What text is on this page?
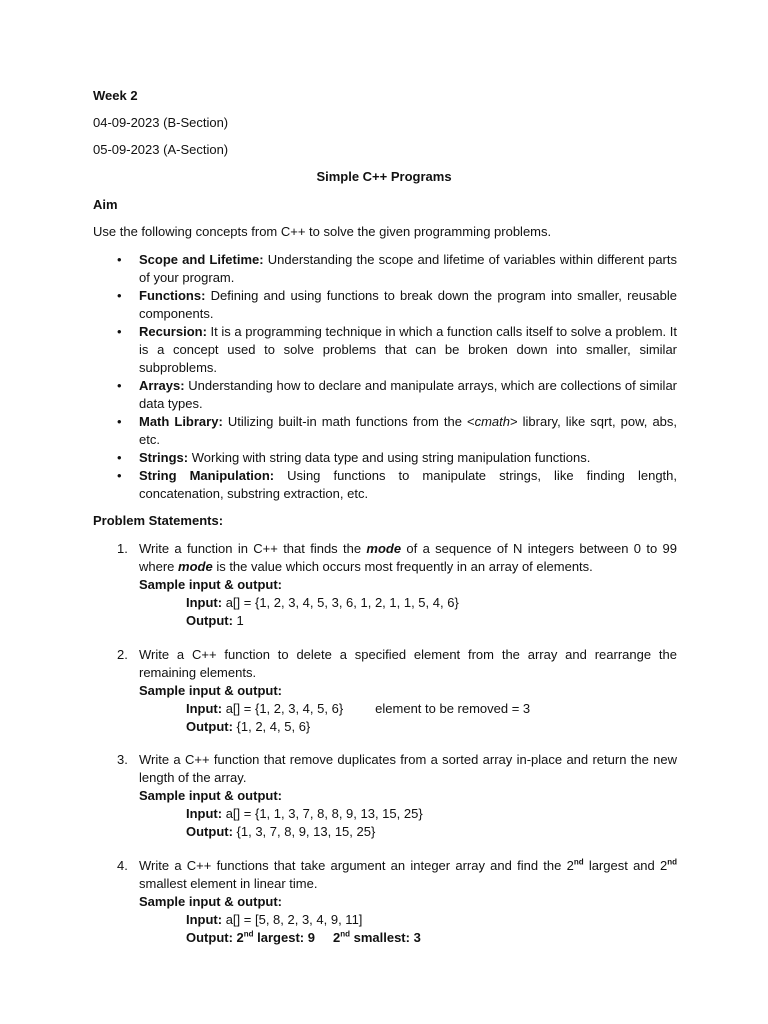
Week 2
04-09-2023 (B-Section)
05-09-2023 (A-Section)
Simple C++ Programs
Aim
Use the following concepts from C++ to solve the given programming problems.
• Scope and Lifetime: Understanding the scope and lifetime of variables within different parts of your program.
• Functions: Defining and using functions to break down the program into smaller, reusable components.
• Recursion: It is a programming technique in which a function calls itself to solve a problem. It is a concept used to solve problems that can be broken down into smaller, similar subproblems.
• Arrays: Understanding how to declare and manipulate arrays, which are collections of similar data types.
• Math Library: Utilizing built-in math functions from the <cmath> library, like sqrt, pow, abs, etc.
• Strings: Working with string data type and using string manipulation functions.
• String Manipulation: Using functions to manipulate strings, like finding length, concatenation, substring extraction, etc.
Problem Statements:
1. Write a function in C++ that finds the mode of a sequence of N integers between 0 to 99 where mode is the value which occurs most frequently in an array of elements.
Sample input & output:
Input: a[] = {1, 2, 3, 4, 5, 3, 6, 1, 2, 1, 1, 5, 4, 6}
Output: 1
2. Write a C++ function to delete a specified element from the array and rearrange the remaining elements.
Sample input & output:
Input: a[] = {1, 2, 3, 4, 5, 6} element to be removed = 3
Output: {1, 2, 4, 5, 6}
3. Write a C++ function that remove duplicates from a sorted array in-place and return the new length of the array.
Sample input & output:
Input: a[] = {1, 1, 3, 7, 8, 8, 9, 13, 15, 25}
Output: {1, 3, 7, 8, 9, 13, 15, 25}
4. Write a C++ functions that take argument an integer array and find the 2nd largest and 2nd smallest element in linear time.
Sample input & output:
Input: a[] = [5, 8, 2, 3, 4, 9, 11]
Output: 2nd largest: 9 2nd smallest: 3
